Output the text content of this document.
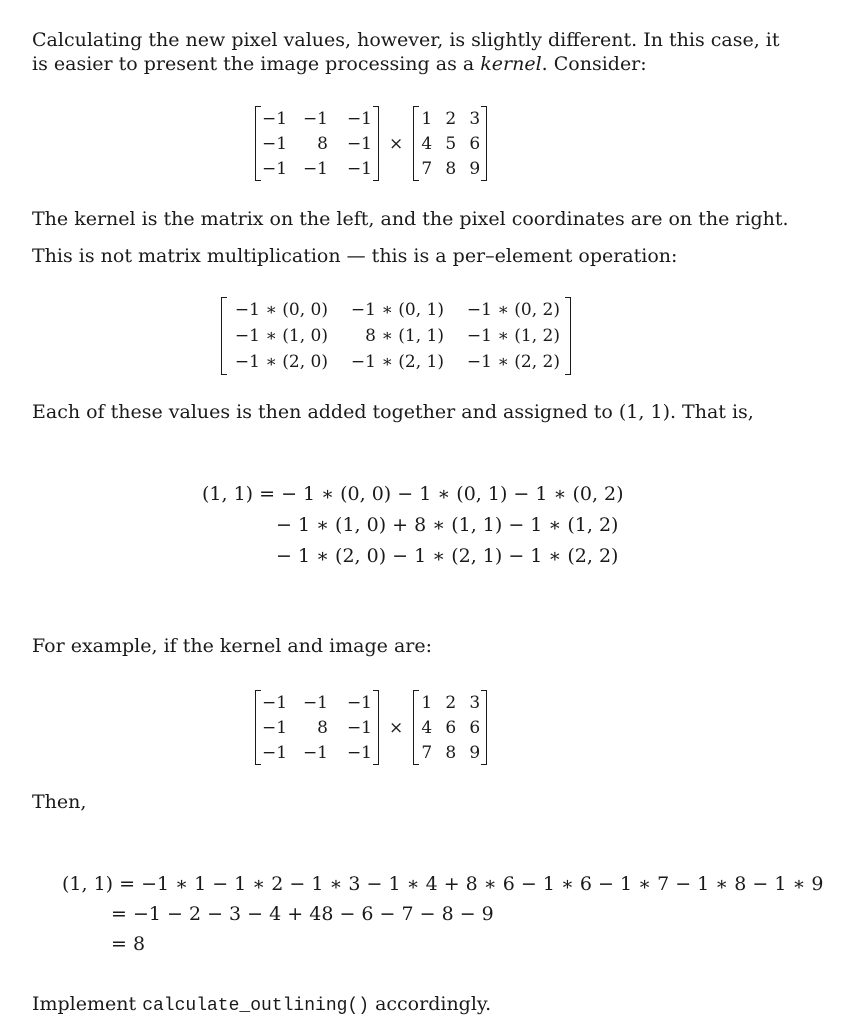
Calculating the new pixel values, however, is slightly different. In this case, it
is easier to present the image processing as a kernel. Consider:
−1 −1	−1
−1	8	−1
−1 −1	−1
×
1 2 3
4 5 6
7 8 9
The kernel is the matrix on the left, and the pixel coordinates are on the right.
This is not matrix multiplication — this is a per–element operation:
−1 ∗ (0, 0)	−1 ∗ (0, 1)	−1 ∗ (0, 2)
−1 ∗ (1, 0)	8 ∗ (1, 1)	−1 ∗ (1, 2)
−1 ∗ (2, 0)	−1 ∗ (2, 1)	−1 ∗ (2, 2)
Each of these values is then added together and assigned to (1, 1). That is,
(1, 1) = − 1 ∗ (0, 0) − 1 ∗ (0, 1) − 1 ∗ (0, 2)
− 1 ∗ (1, 0) + 8 ∗ (1, 1) − 1 ∗ (1, 2)
− 1 ∗ (2, 0) − 1 ∗ (2, 1) − 1 ∗ (2, 2)
For example, if the kernel and image are:
−1 −1	−1
−1	8	−1
−1 −1	−1
×
1 2 3
4 6 6
7 8 9
Then,
(1, 1) = −1 ∗ 1 − 1 ∗ 2 − 1 ∗ 3 − 1 ∗ 4 + 8 ∗ 6 − 1 ∗ 6 − 1 ∗ 7 − 1 ∗ 8 − 1 ∗ 9
= −1 − 2 − 3 − 4 + 48 − 6 − 7 − 8 − 9
= 8
Implement calculate_outlining() accordingly.
